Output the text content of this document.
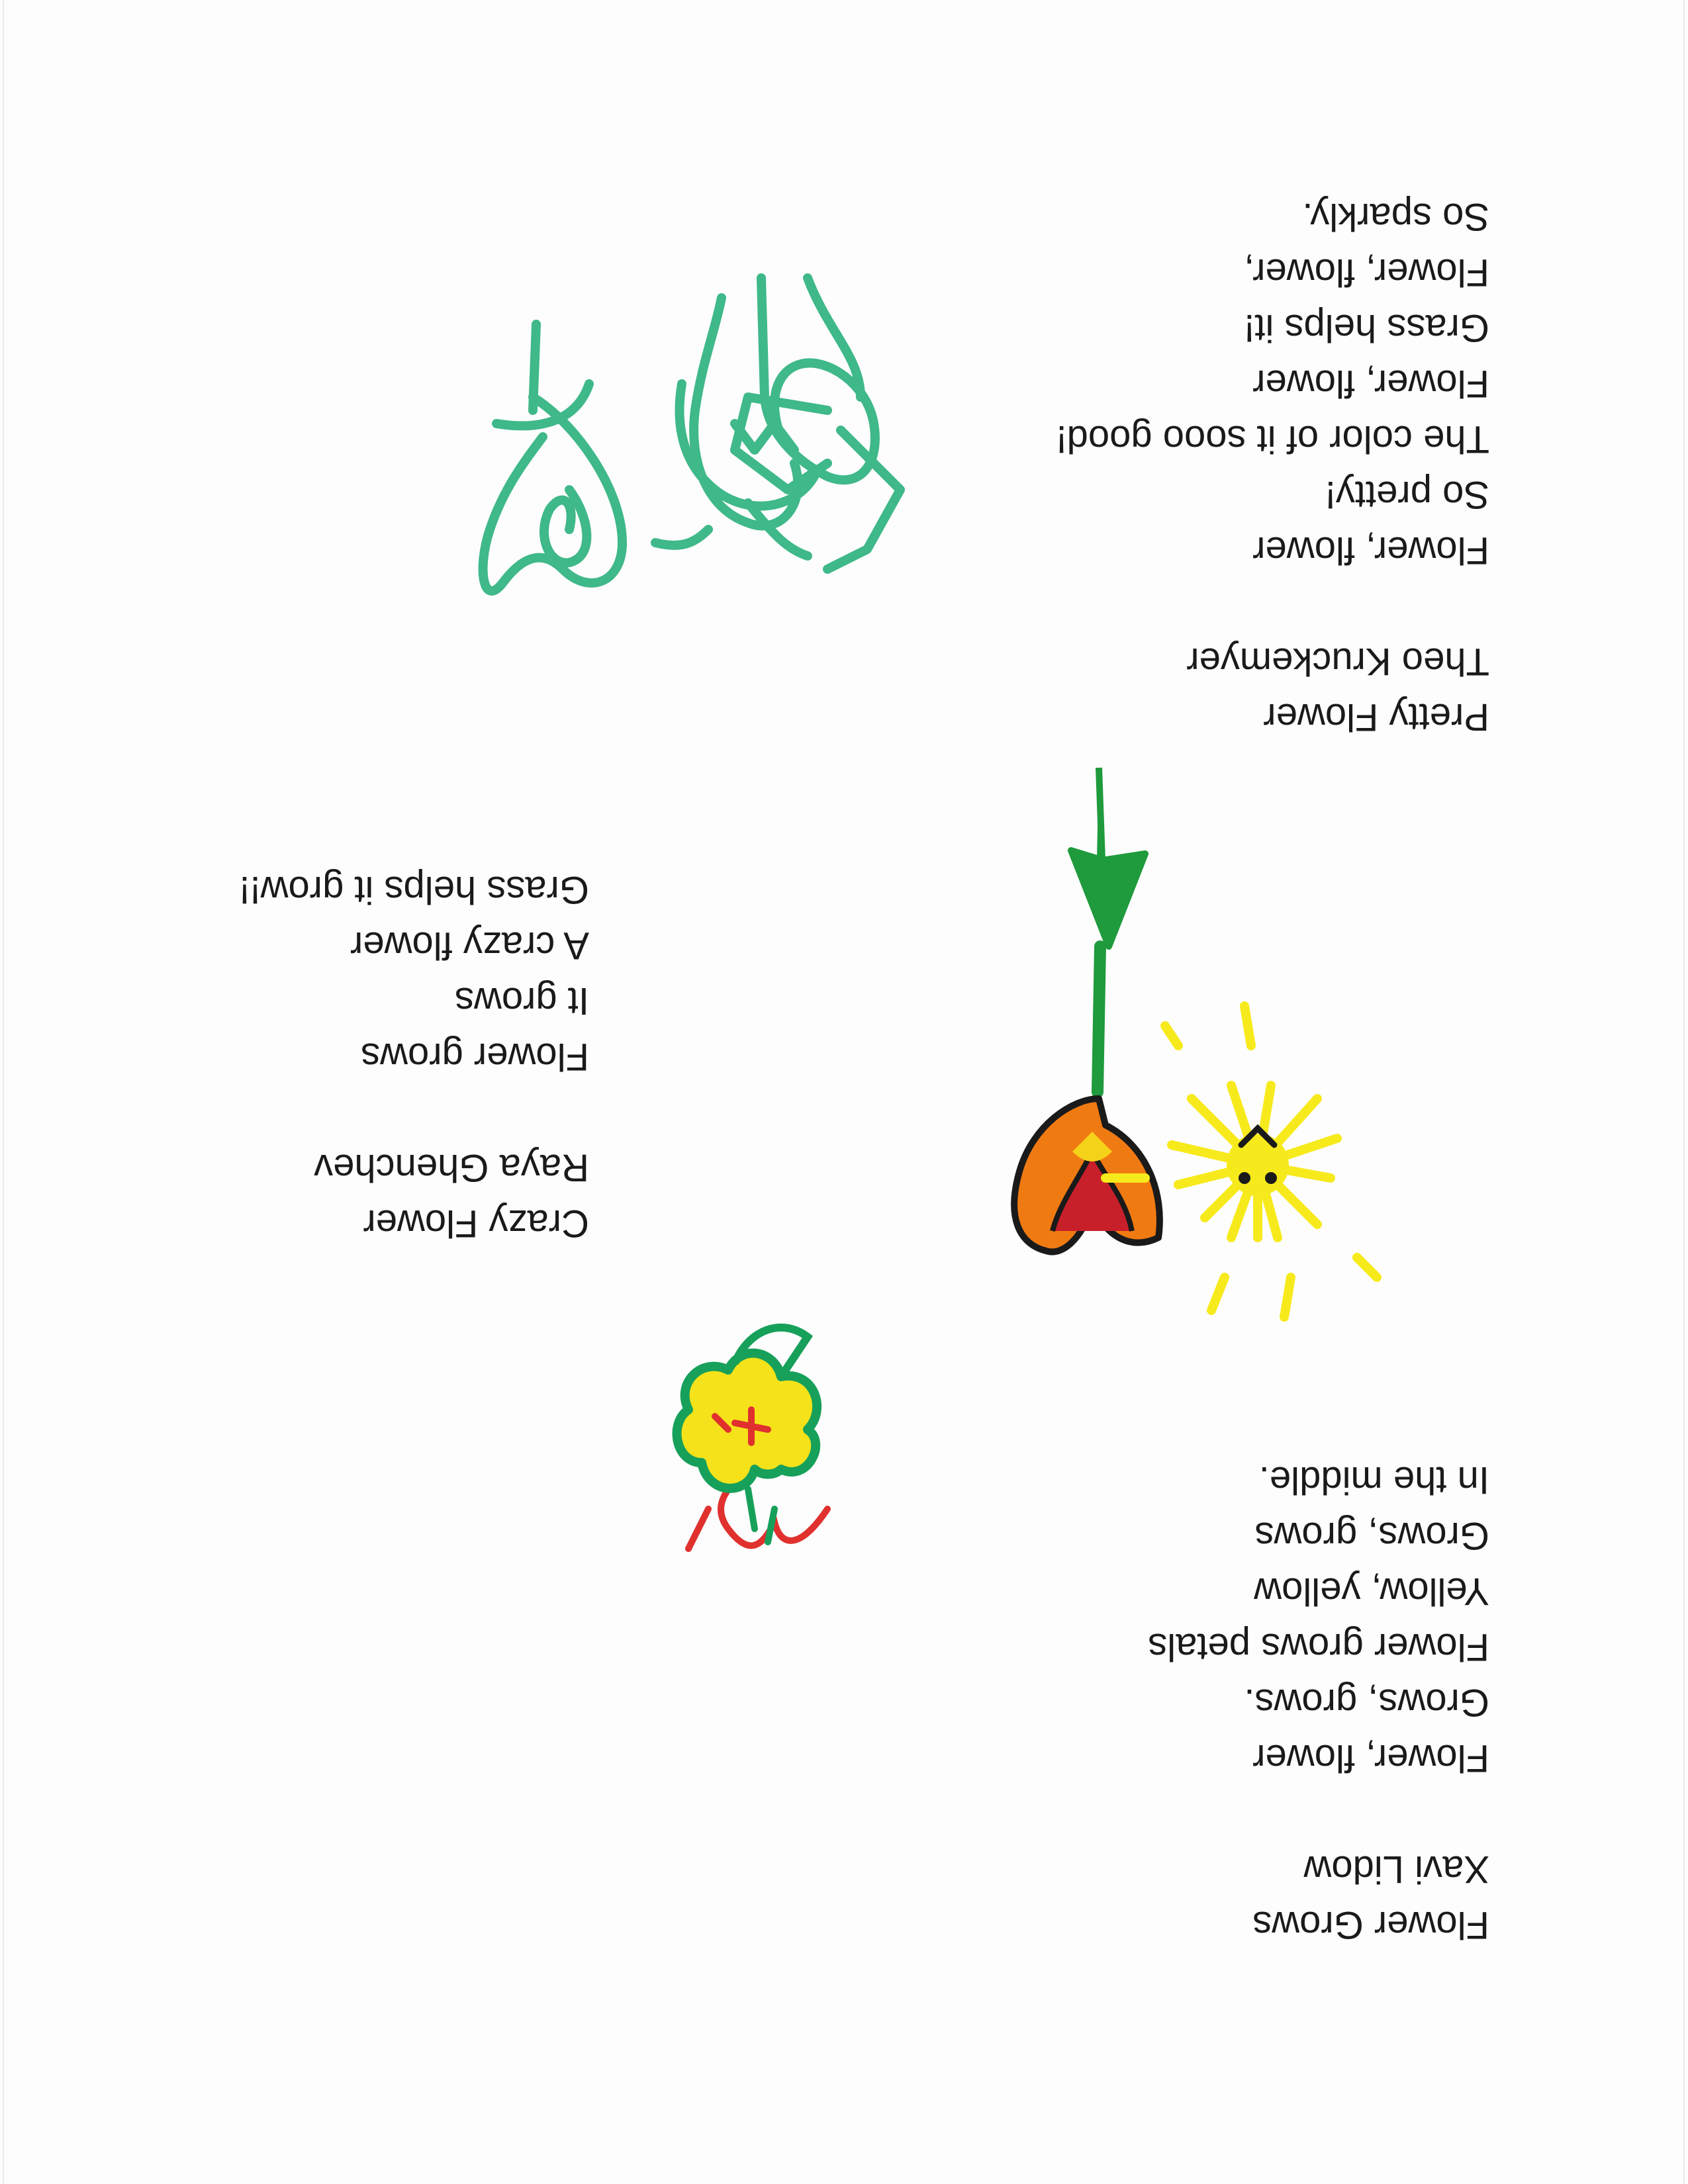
Pretty Flower
Theo Kruckemyer
Flower, flower
So pretty!
The color of it sooo good!
Flower, flower
Grass helps it!
Flower, flower,
So sparkly.
Crazy Flower
Raya Ghenchev
Flower grows
It grows
A crazy flower
Grass helps it grow!!
Flower Grows
Xavi Lidow
Flower, flower
Grows, grows.
Flower grows petals
Yellow, yellow
Grows, grows
In the middle.
